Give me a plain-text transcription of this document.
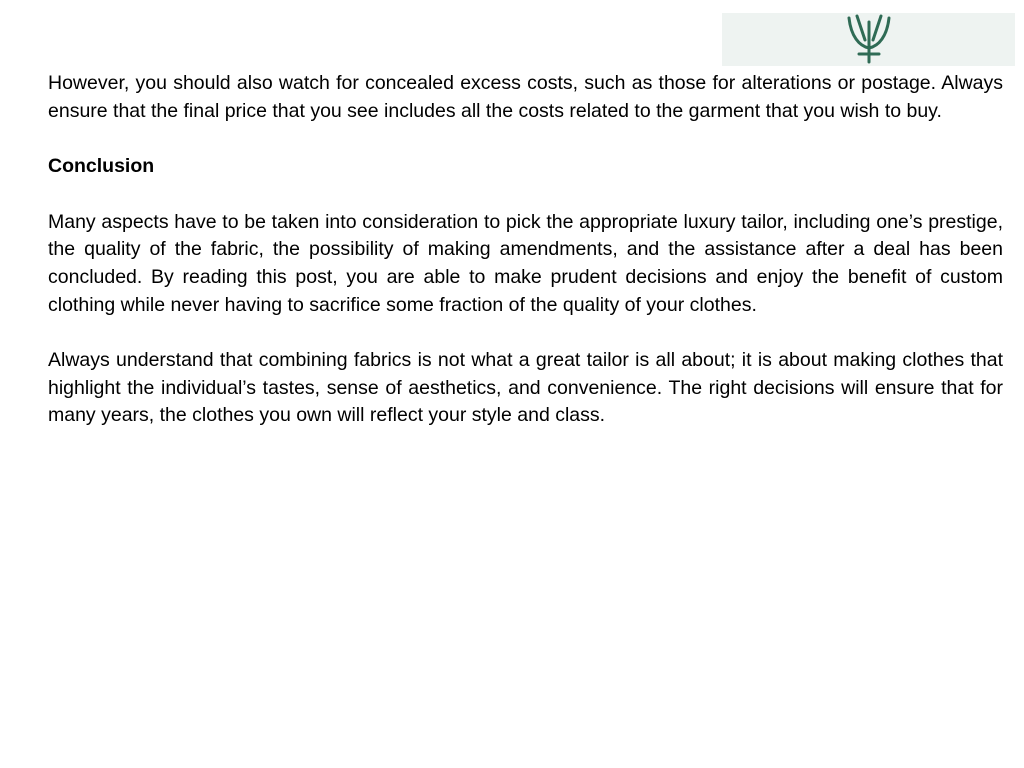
However, you should also watch for concealed excess costs, such as those for alterations or postage. Always ensure that the final price that you see includes all the costs related to the garment that you wish to buy.

Conclusion

Many aspects have to be taken into consideration to pick the appropriate luxury tailor, including one’s prestige, the quality of the fabric, the possibility of making amendments, and the assistance after a deal has been concluded. By reading this post, you are able to make prudent decisions and enjoy the benefit of custom clothing while never having to sacrifice some fraction of the quality of your clothes.

Always understand that combining fabrics is not what a great tailor is all about; it is about making clothes that highlight the individual’s tastes, sense of aesthetics, and convenience. The right decisions will ensure that for many years, the clothes you own will reflect your style and class.
